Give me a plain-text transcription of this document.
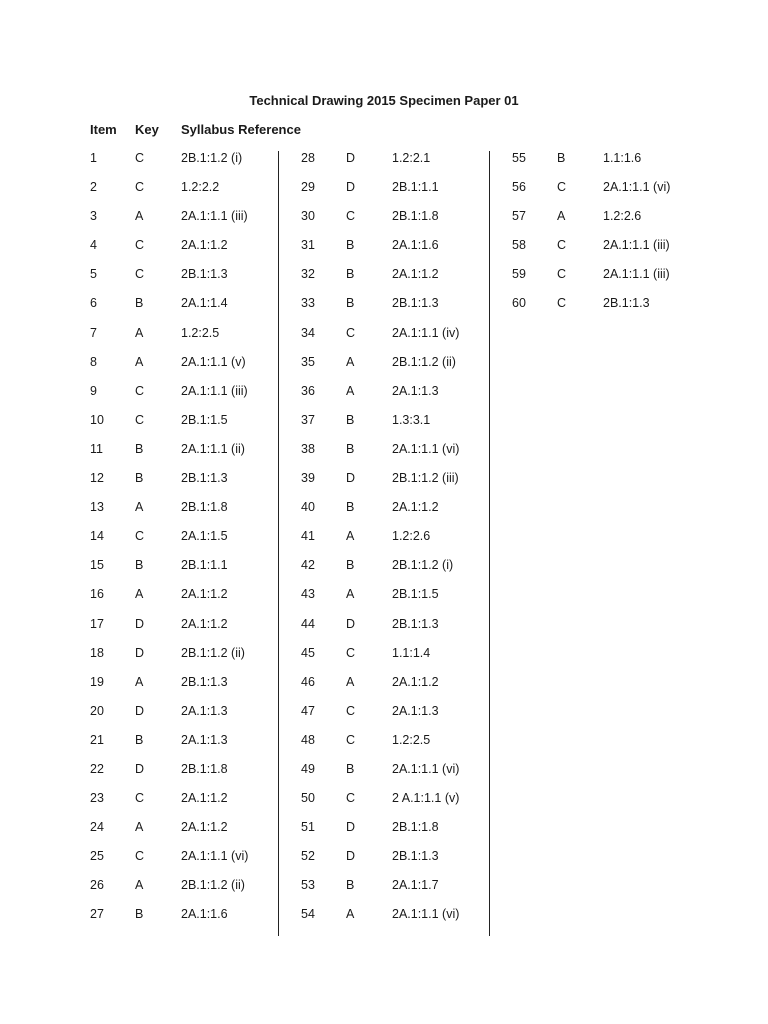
Technical Drawing 2015 Specimen Paper 01
Item Key Syllabus Reference
1	C	2B.1:1.2 (i)
2	C	1.2:2.2
3	A	2A.1:1.1 (iii)
4	C	2A.1:1.2
5	C	2B.1:1.3
6	B	2A.1:1.4
7	A	1.2:2.5
8	A	2A.1:1.1 (v)
9	C	2A.1:1.1 (iii)
10 C	2B.1:1.5
11	B	2A.1:1.1 (ii)
12 B	2B.1:1.3
13 A	2B.1:1.8
14 C	2A.1:1.5
15 B	2B.1:1.1
16 A	2A.1:1.2
17 D	2A.1:1.2
18 D	2B.1:1.2 (ii)
19 A	2B.1:1.3
20 D	2A.1:1.3
21 B	2A.1:1.3
22 D	2B.1:1.8
23 C	2A.1:1.2
24 A	2A.1:1.2
25 C	2A.1:1.1 (vi)
26 A	2B.1:1.2 (ii)
27 B	2A.1:1.6
28 D	1.2:2.1
29 D	2B.1:1.1
30 C	2B.1:1.8
31 B	2A.1:1.6
32 B	2A.1:1.2
33 B	2B.1:1.3
34 C	2A.1:1.1 (iv)
35 A	2B.1:1.2 (ii)
36 A	2A.1:1.3
37 B	1.3:3.1
38 B	2A.1:1.1 (vi)
39 D	2B.1:1.2 (iii)
40 B	2A.1:1.2
41 A	1.2:2.6
42 B	2B.1:1.2 (i)
43 A	2B.1:1.5
44 D	2B.1:1.3
45 C	1.1:1.4
46 A	2A.1:1.2
47 C	2A.1:1.3
48 C	1.2:2.5
49 B	2A.1:1.1 (vi)
50 C	2 A.1:1.1 (v)
51 D	2B.1:1.8
52 D	2B.1:1.3
53 B	2A.1:1.7
54 A	2A.1:1.1 (vi)
55 B	1.1:1.6
56 C	2A.1:1.1 (vi)
57 A	1.2:2.6
58 C	2A.1:1.1 (iii)
59 C	2A.1:1.1 (iii)
60 C	2B.1:1.3
